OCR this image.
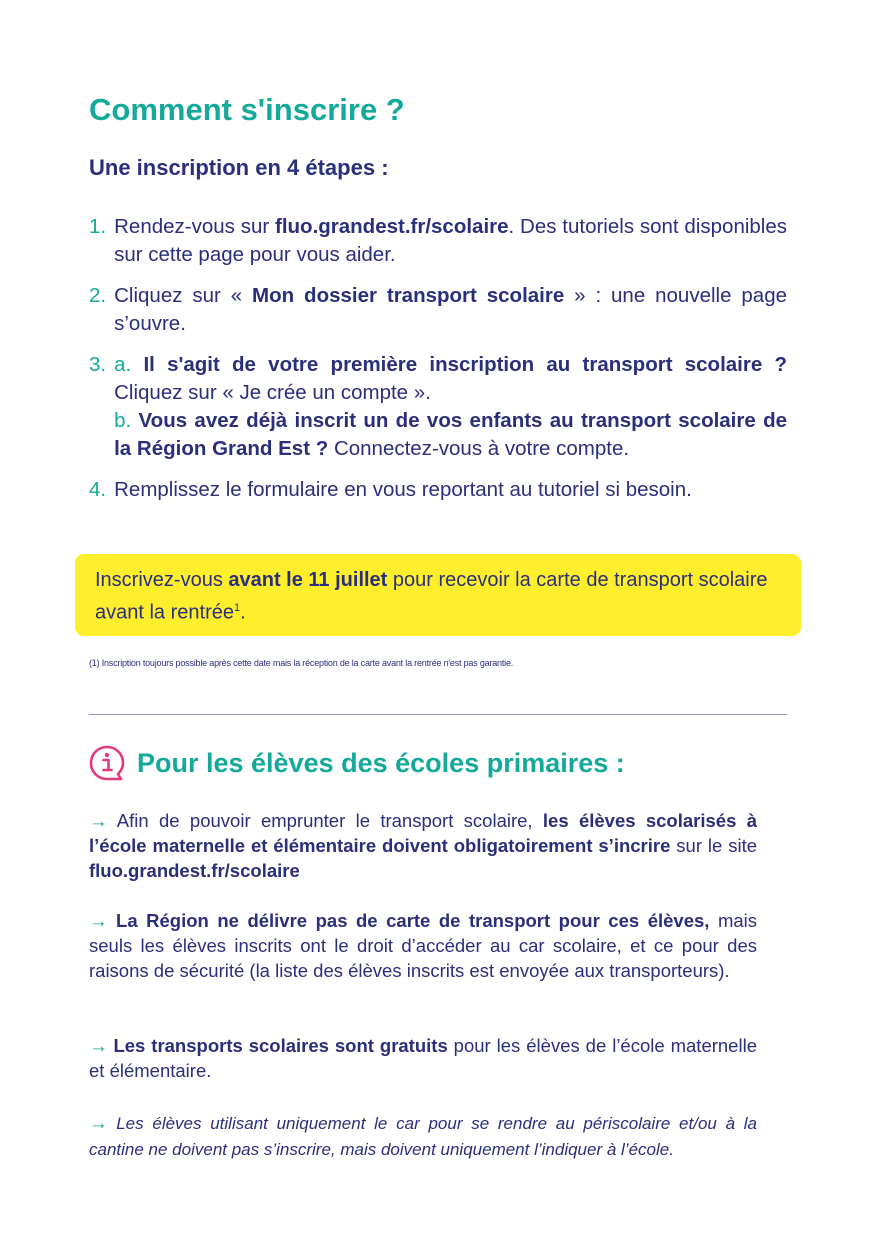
Comment s'inscrire ?
Une inscription en 4 étapes :
1. Rendez-vous sur fluo.grandest.fr/scolaire. Des tutoriels sont disponibles sur cette page pour vous aider.
2. Cliquez sur « Mon dossier transport scolaire » : une nouvelle page s’ouvre.
3. a. Il s'agit de votre première inscription au transport scolaire ? Cliquez sur « Je crée un compte ».
b. Vous avez déjà inscrit un de vos enfants au transport scolaire de la Région Grand Est ? Connectez-vous à votre compte.
4. Remplissez le formulaire en vous reportant au tutoriel si besoin.
Inscrivez-vous avant le 11 juillet pour recevoir la carte de transport scolaire avant la rentrée$^1$.
(1) Inscription toujours possible après cette date mais la réception de la carte avant la rentrée n'est pas garantie.
Pour les élèves des écoles primaires :
→ Afin de pouvoir emprunter le transport scolaire, les élèves scolarisés à l’école maternelle et élémentaire doivent obligatoirement s’incrire sur le site fluo.grandest.fr/scolaire
→ La Région ne délivre pas de carte de transport pour ces élèves, mais seuls les élèves inscrits ont le droit d’accéder au car scolaire, et ce pour des raisons de sécurité (la liste des élèves inscrits est envoyée aux transporteurs).
→ Les transports scolaires sont gratuits pour les élèves de l’école maternelle et élémentaire.
→ Les élèves utilisant uniquement le car pour se rendre au périscolaire et/ou à la cantine ne doivent pas s’inscrire, mais doivent uniquement l’indiquer à l’école.
